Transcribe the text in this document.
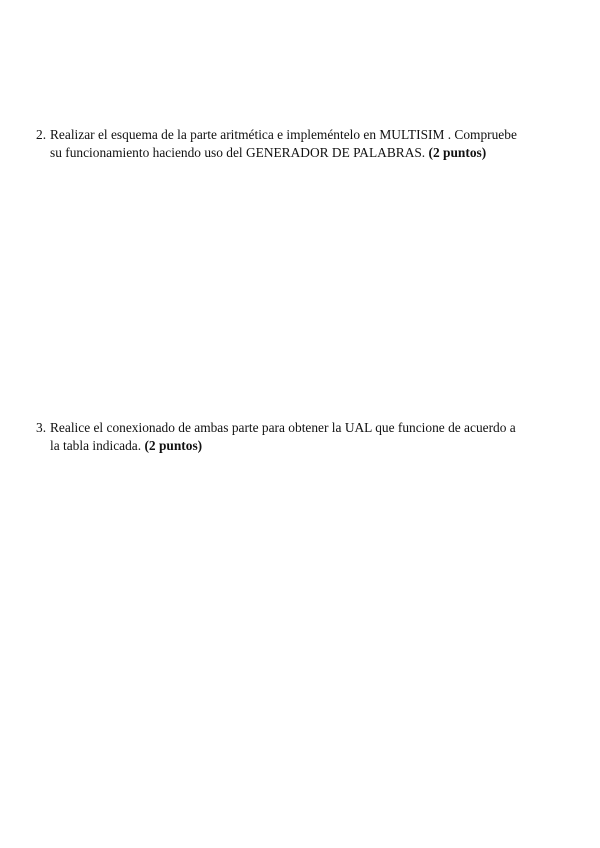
2. Realizar el esquema de la parte aritmética e impleméntelo en MULTISIM . Compruebe
su funcionamiento haciendo uso del GENERADOR DE PALABRAS. (2 puntos)
3. Realice el conexionado de ambas parte para obtener la UAL que funcione de acuerdo a
la tabla indicada. (2 puntos)
